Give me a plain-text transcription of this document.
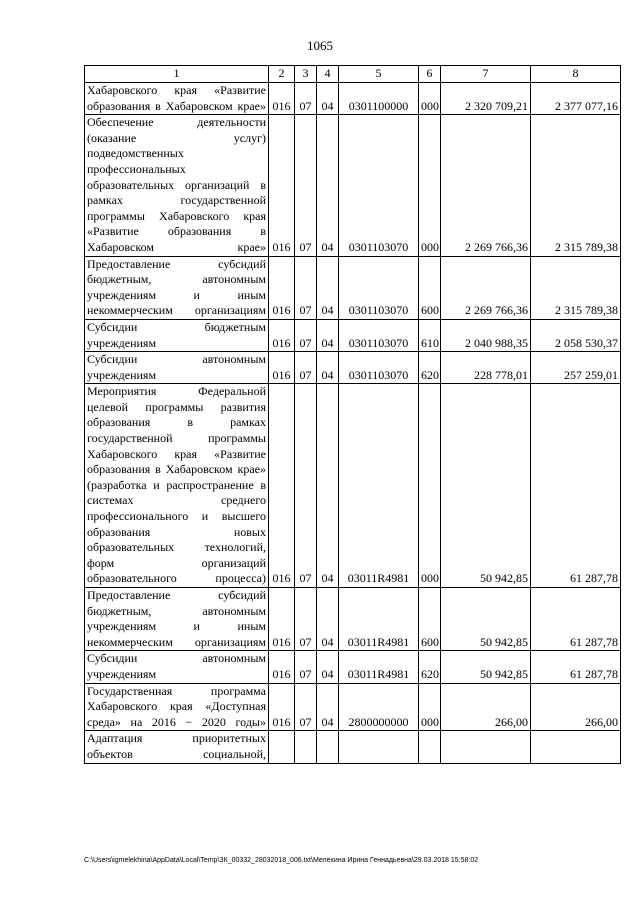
1065
1	2	3	4	5	6	7	8
Хабаровского края «Развитие образования в Хабаровском крае»	016	07	04	0301100000	000	2 320 709,21	2 377 077,16
Обеспечение деятельности (оказание услуг) подведомственных профессиональных образовательных организаций в рамках государственной программы Хабаровского края «Развитие образования в Хабаровском крае»	016	07	04	0301103070	000	2 269 766,36	2 315 789,38
Предоставление субсидий бюджетным, автономным учреждениям и иным некоммерческим организациям	016	07	04	0301103070	600	2 269 766,36	2 315 789,38
Субсидии бюджетным учреждениям	016	07	04	0301103070	610	2 040 988,35	2 058 530,37
Субсидии автономным учреждениям	016	07	04	0301103070	620	228 778,01	257 259,01
Мероприятия Федеральной целевой программы развития образования в рамках государственной программы Хабаровского края «Развитие образования в Хабаровском крае» (разработка и распространение в системах среднего профессионального и высшего образования новых образовательных технологий, форм организаций образовательного процесса)	016	07	04	03011R4981	000	50 942,85	61 287,78
Предоставление субсидий бюджетным, автономным учреждениям и иным некоммерческим организациям	016	07	04	03011R4981	600	50 942,85	61 287,78
Субсидии автономным учреждениям	016	07	04	03011R4981	620	50 942,85	61 287,78
Государственная программа Хабаровского края «Доступная среда» на 2016 − 2020 годы»	016	07	04	2800000000	000	266,00	266,00
Адаптация приоритетных объектов социальной,							
C:\Users\igmelekhina\AppData\Local\Temp\ЗК_00332_28032018_006.txt\Мелехина Ирина Геннадьевна\29.03.2018 15:58:02
